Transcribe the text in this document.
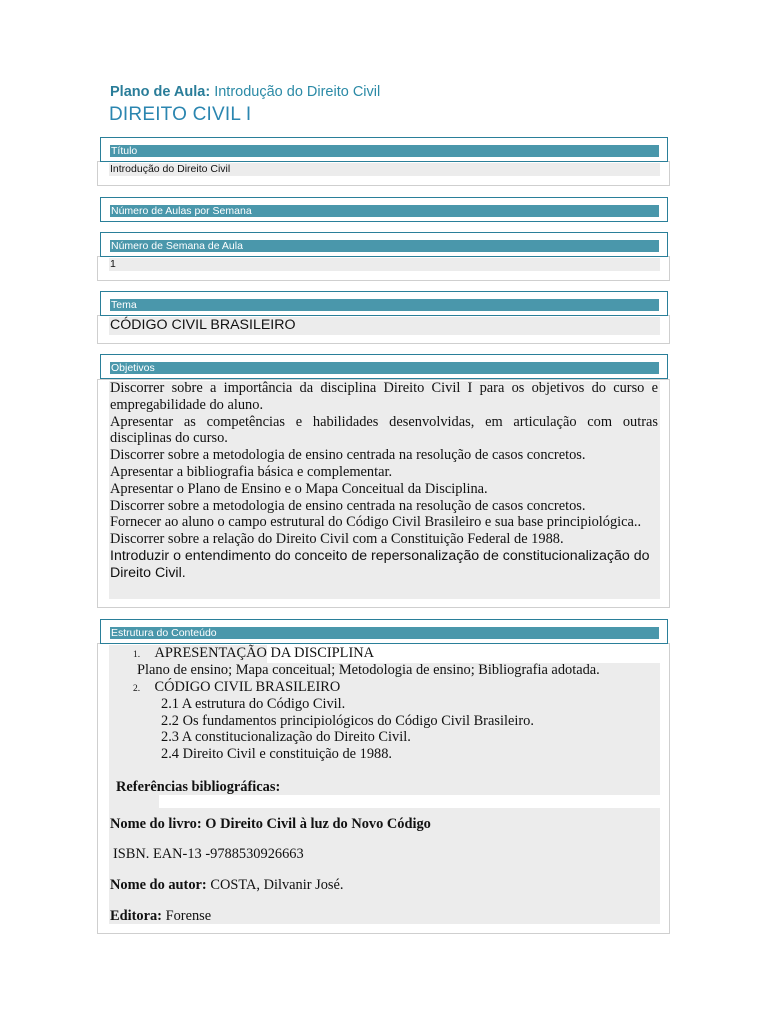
Plano de Aula: Introdução do Direito Civil
DIREITO CIVIL I
Título
Introdução do Direito Civil
Número de Aulas por Semana
Número de Semana de Aula
1
Tema
CÓDIGO CIVIL BRASILEIRO
Objetivos
Discorrer sobre a importância da disciplina Direito Civil I para os objetivos do curso e empregabilidade do aluno.
Apresentar as competências e habilidades desenvolvidas, em articulação com outras disciplinas do curso.
Discorrer sobre a metodologia de ensino centrada na resolução de casos concretos.
Apresentar a bibliografia básica e complementar.
Apresentar o Plano de Ensino e o Mapa Conceitual da Disciplina.
Discorrer sobre a metodologia de ensino centrada na resolução de casos concretos.
Fornecer ao aluno o campo estrutural do Código Civil Brasileiro e sua base principiológica..
Discorrer sobre a relação do Direito Civil com a Constituição Federal de 1988.
Introduzir o entendimento do conceito de repersonalização de constitucionalização do Direito Civil.
Estrutura do Conteúdo
1. APRESENTAÇÃO DA DISCIPLINA
Plano de ensino; Mapa conceitual; Metodologia de ensino; Bibliografia adotada.
2. CÓDIGO CIVIL BRASILEIRO
2.1 A estrutura do Código Civil.
2.2 Os fundamentos principiológicos do Código Civil Brasileiro.
2.3 A constitucionalização do Direito Civil.
2.4 Direito Civil e constituição de 1988.
Referências bibliográficas:
Nome do livro: O Direito Civil à luz do Novo Código
ISBN. EAN-13 -9788530926663
Nome do autor: COSTA, Dilvanir José.
Editora: Forense
